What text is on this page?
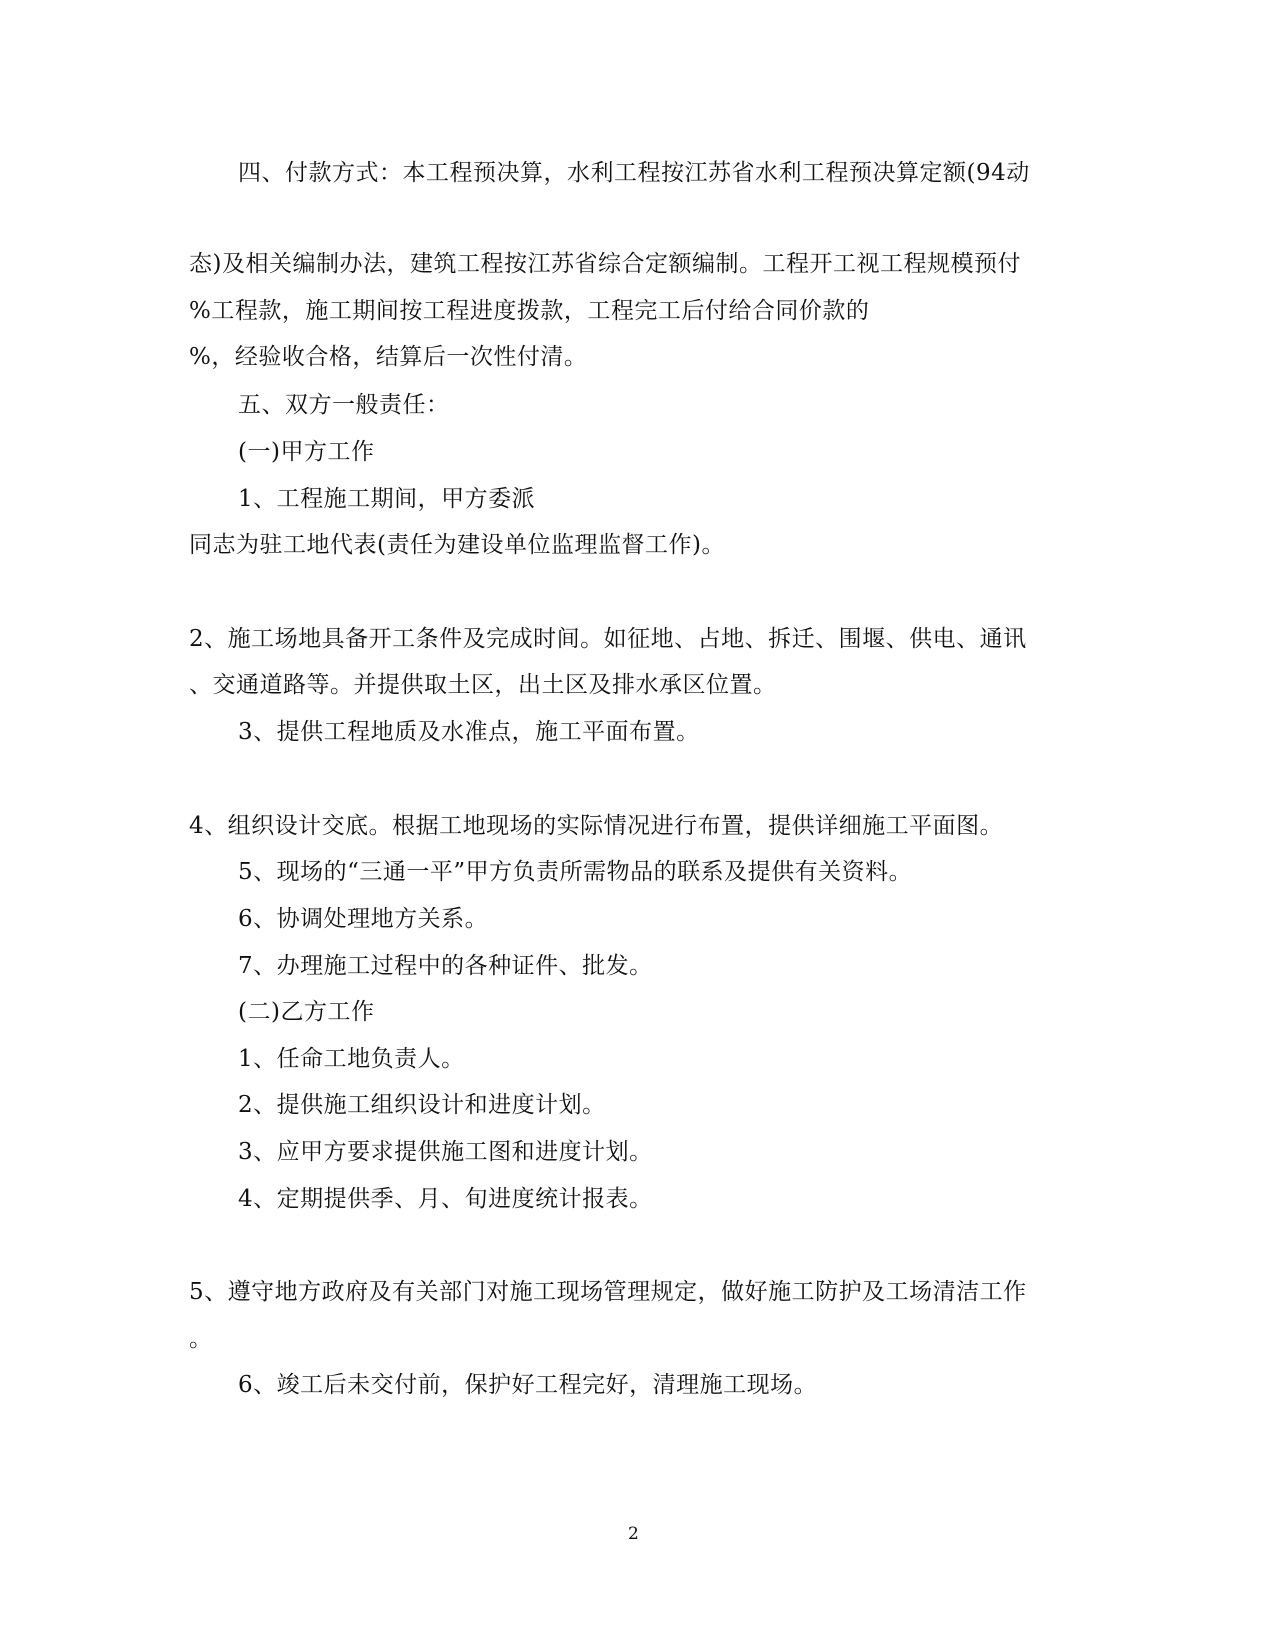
四、付款方式：本工程预决算，水利工程按江苏省水利工程预决算定额(94动
态)及相关编制办法，建筑工程按江苏省综合定额编制。工程开工视工程规模预付
%工程款，施工期间按工程进度拨款，工程完工后付给合同价款的
%，经验收合格，结算后一次性付清。
五、双方一般责任：
(一)甲方工作
1、工程施工期间，甲方委派
同志为驻工地代表(责任为建设单位监理监督工作)。
2、施工场地具备开工条件及完成时间。如征地、占地、拆迁、围堰、供电、通讯
、交通道路等。并提供取土区，出土区及排水承区位置。
3、提供工程地质及水准点，施工平面布置。
4、组织设计交底。根据工地现场的实际情况进行布置，提供详细施工平面图。
5、现场的“三通一平”甲方负责所需物品的联系及提供有关资料。
6、协调处理地方关系。
7、办理施工过程中的各种证件、批发。
(二)乙方工作
1、任命工地负责人。
2、提供施工组织设计和进度计划。
3、应甲方要求提供施工图和进度计划。
4、定期提供季、月、旬进度统计报表。
5、遵守地方政府及有关部门对施工现场管理规定，做好施工防护及工场清洁工作
。
6、竣工后未交付前，保护好工程完好，清理施工现场。
2
